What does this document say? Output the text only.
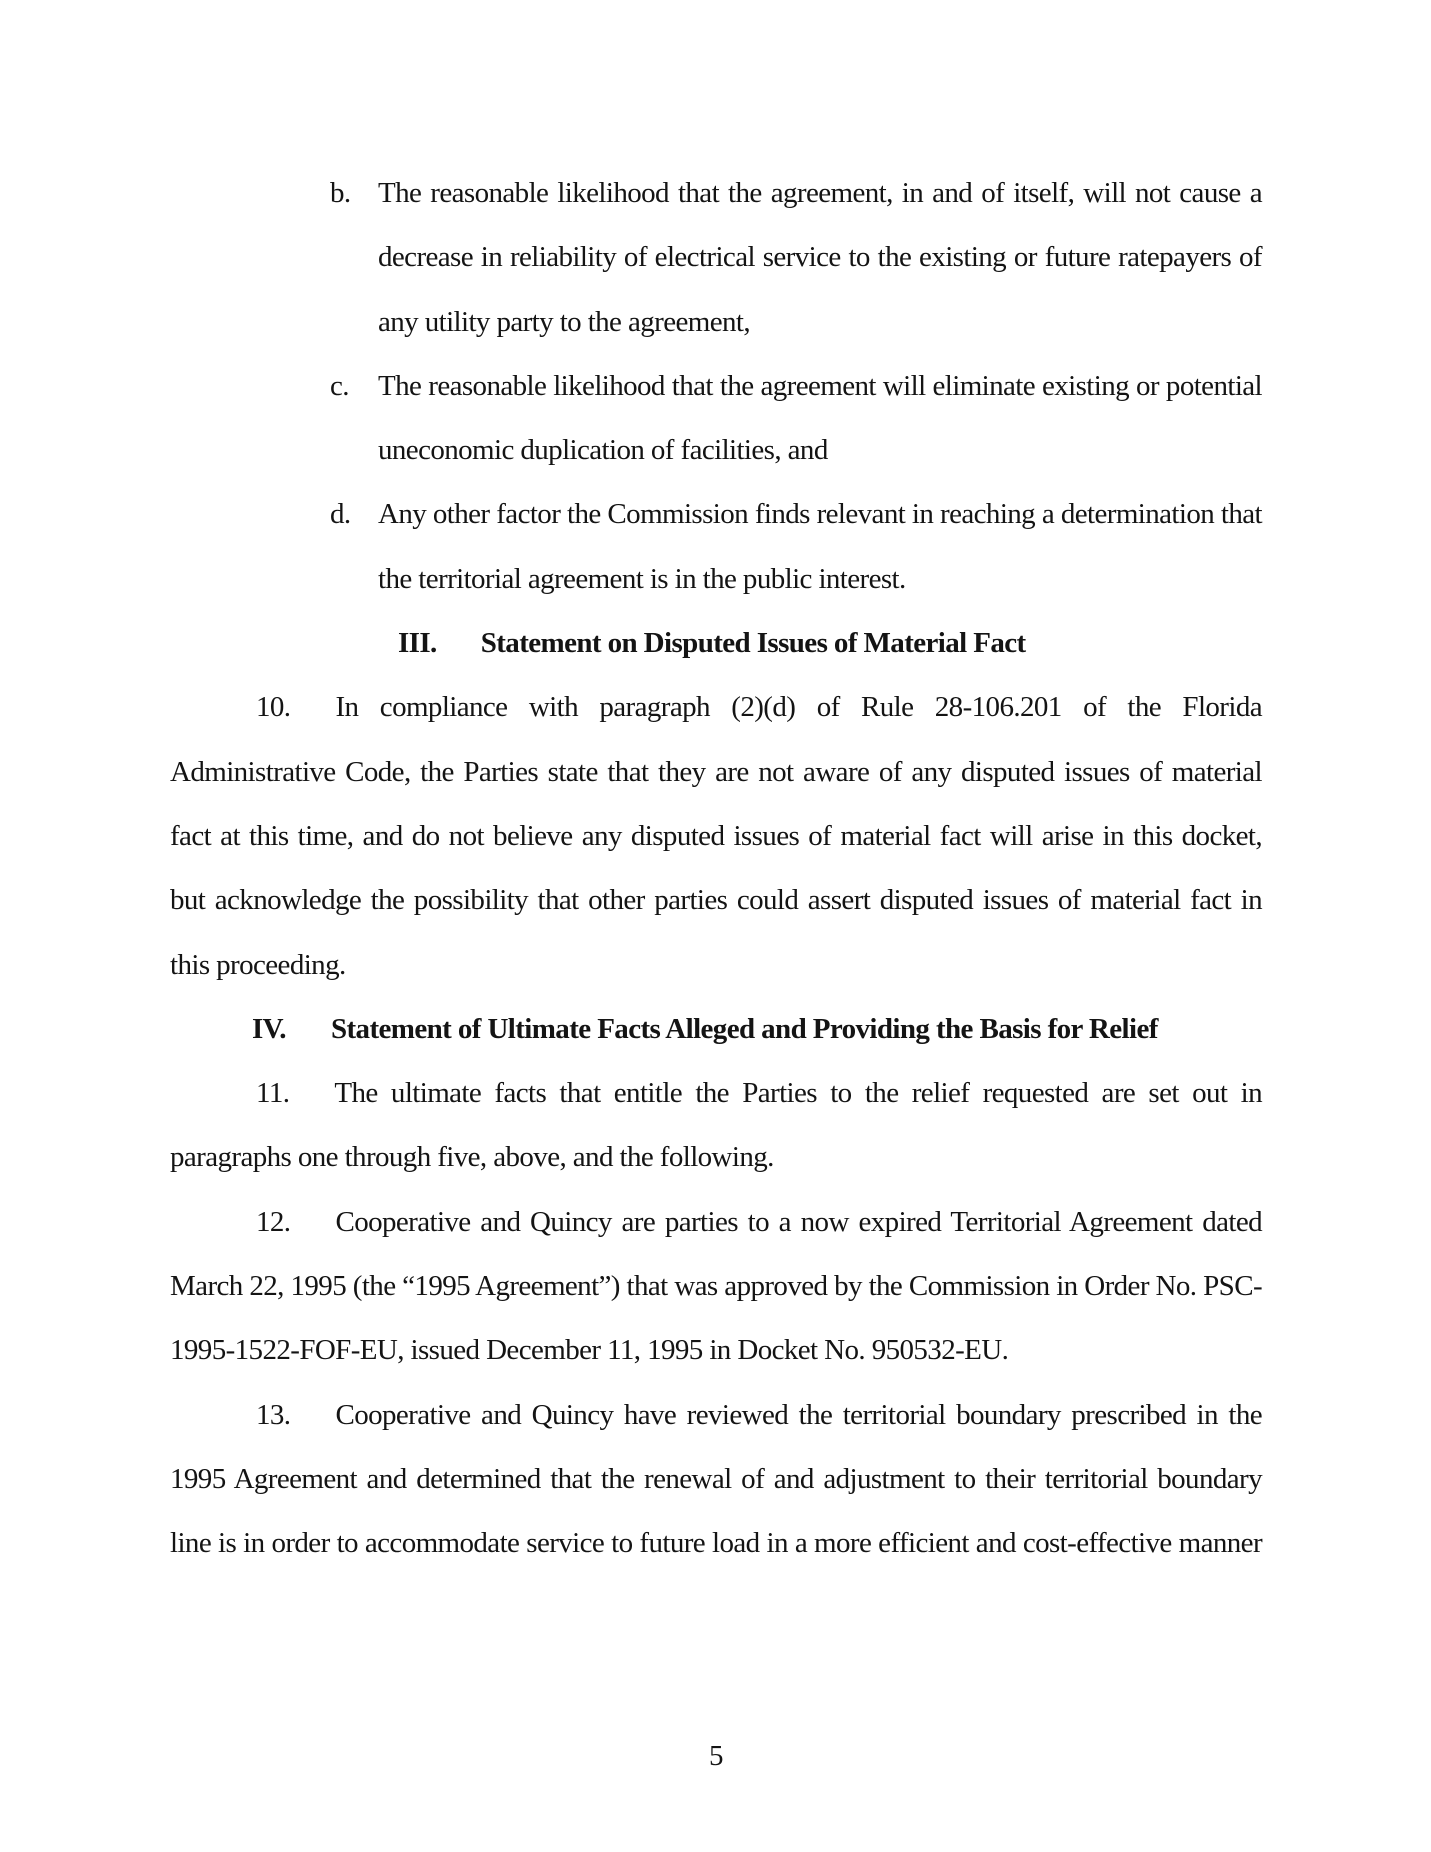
b. The reasonable likelihood that the agreement, in and of itself, will not cause a
decrease in reliability of electrical service to the existing or future ratepayers of
any utility party to the agreement,
c. The reasonable likelihood that the agreement will eliminate existing or potential
uneconomic duplication of facilities, and
d. Any other factor the Commission finds relevant in reaching a determination that
the territorial agreement is in the public interest.
III. Statement on Disputed Issues of Material Fact
10. In compliance with paragraph (2)(d) of Rule 28-106.201 of the Florida
Administrative Code, the Parties state that they are not aware of any disputed issues of material
fact at this time, and do not believe any disputed issues of material fact will arise in this docket,
but acknowledge the possibility that other parties could assert disputed issues of material fact in
this proceeding.
IV. Statement of Ultimate Facts Alleged and Providing the Basis for Relief
11. The ultimate facts that entitle the Parties to the relief requested are set out in
paragraphs one through five, above, and the following.
12. Cooperative and Quincy are parties to a now expired Territorial Agreement dated
March 22, 1995 (the “1995 Agreement”) that was approved by the Commission in Order No. PSC-
1995-1522-FOF-EU, issued December 11, 1995 in Docket No. 950532-EU.
13. Cooperative and Quincy have reviewed the territorial boundary prescribed in the
1995 Agreement and determined that the renewal of and adjustment to their territorial boundary
line is in order to accommodate service to future load in a more efficient and cost-effective manner
5
